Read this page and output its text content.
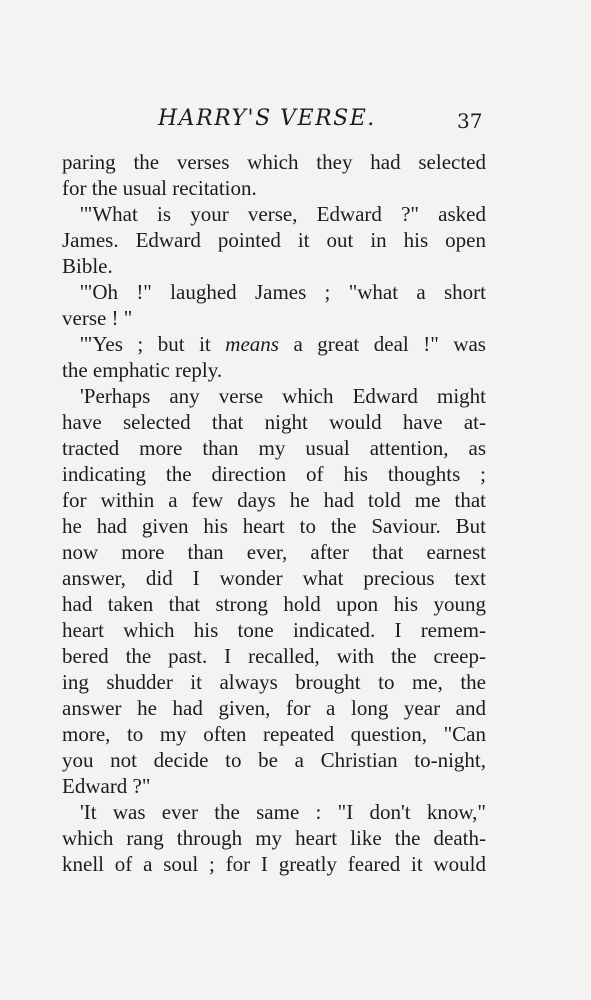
HARRY'S VERSE.	37
paring the verses which they had selected
for the usual recitation.
'"What is your verse, Edward ?" asked
James. Edward pointed it out in his open
Bible.
'"Oh !" laughed James ; "what a short
verse ! "
'"Yes ; but it means a great deal !" was
the emphatic reply.
'Perhaps any verse which Edward might
have selected that night would have at-
tracted more than my usual attention, as
indicating the direction of his thoughts ;
for within a few days he had told me that
he had given his heart to the Saviour. But
now more than ever, after that earnest
answer, did I wonder what precious text
had taken that strong hold upon his young
heart which his tone indicated. I remem-
bered the past. I recalled, with the creep-
ing shudder it always brought to me, the
answer he had given, for a long year and
more, to my often repeated question, "Can
you not decide to be a Christian to-night,
Edward ?"
'It was ever the same : "I don't know,"
which rang through my heart like the death-
knell of a soul ; for I greatly feared it would
